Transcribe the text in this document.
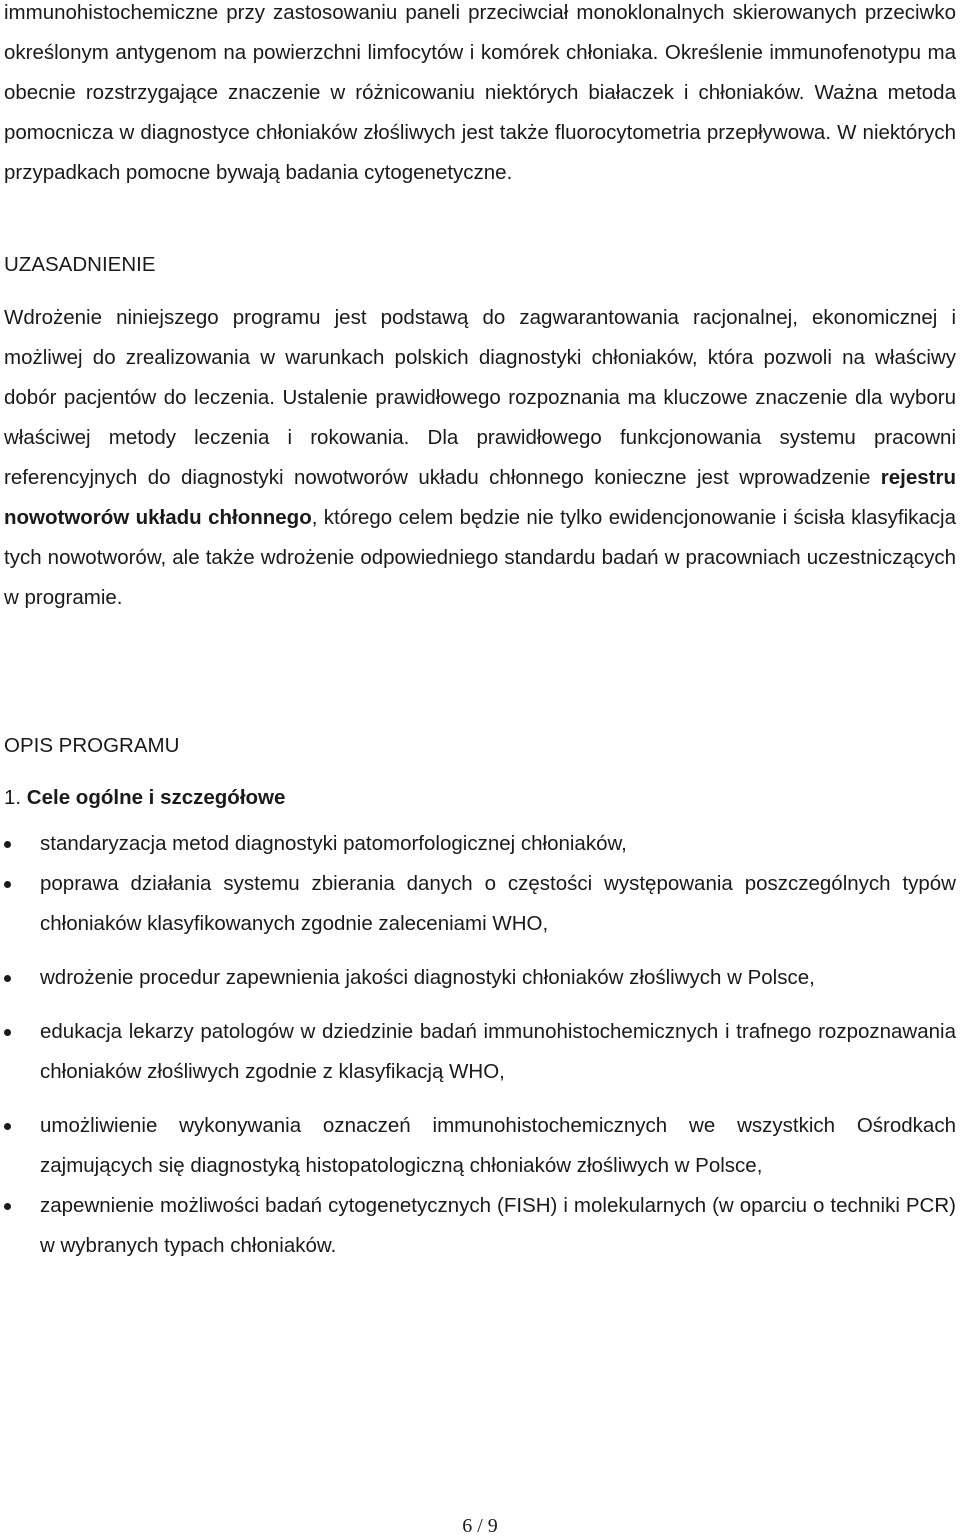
immunohistochemiczne przy zastosowaniu paneli przeciwciał monoklonalnych skierowanych przeciwko określonym antygenom na powierzchni limfocytów i komórek chłoniaka. Określenie immunofenotypu ma obecnie rozstrzygające znaczenie w różnicowaniu niektórych białaczek i chłoniaków. Ważna metoda pomocnicza w diagnostyce chłoniaków złośliwych jest także fluorocytometria przepływowa. W niektórych przypadkach pomocne bywają badania cytogenetyczne.

UZASADNIENIE

Wdrożenie niniejszego programu jest podstawą do zagwarantowania racjonalnej, ekonomicznej i możliwej do zrealizowania w warunkach polskich diagnostyki chłoniaków, która pozwoli na właściwy dobór pacjentów do leczenia. Ustalenie prawidłowego rozpoznania ma kluczowe znaczenie dla wyboru właściwej metody leczenia i rokowania. Dla prawidłowego funkcjonowania systemu pracowni referencyjnych do diagnostyki nowotworów układu chłonnego konieczne jest wprowadzenie rejestru nowotworów układu chłonnego, którego celem będzie nie tylko ewidencjonowanie i ścisła klasyfikacja tych nowotworów, ale także wdrożenie odpowiedniego standardu badań w pracowniach uczestniczących w programie.

OPIS PROGRAMU
1. Cele ogólne i szczegółowe
standaryzacja metod diagnostyki patomorfologicznej chłoniaków,
poprawa działania systemu zbierania danych o częstości występowania poszczególnych typów chłoniaków klasyfikowanych zgodnie zaleceniami WHO,
wdrożenie procedur zapewnienia jakości diagnostyki chłoniaków złośliwych w Polsce,
edukacja lekarzy patologów w dziedzinie badań immunohistochemicznych i trafnego rozpoznawania chłoniaków złośliwych zgodnie z klasyfikacją WHO,
umożliwienie wykonywania oznaczeń immunohistochemicznych we wszystkich Ośrodkach zajmujących się diagnostyką histopatologiczną chłoniaków złośliwych w Polsce,
zapewnienie możliwości badań cytogenetycznych (FISH) i molekularnych (w oparciu o techniki PCR) w wybranych typach chłoniaków.
6 / 9
